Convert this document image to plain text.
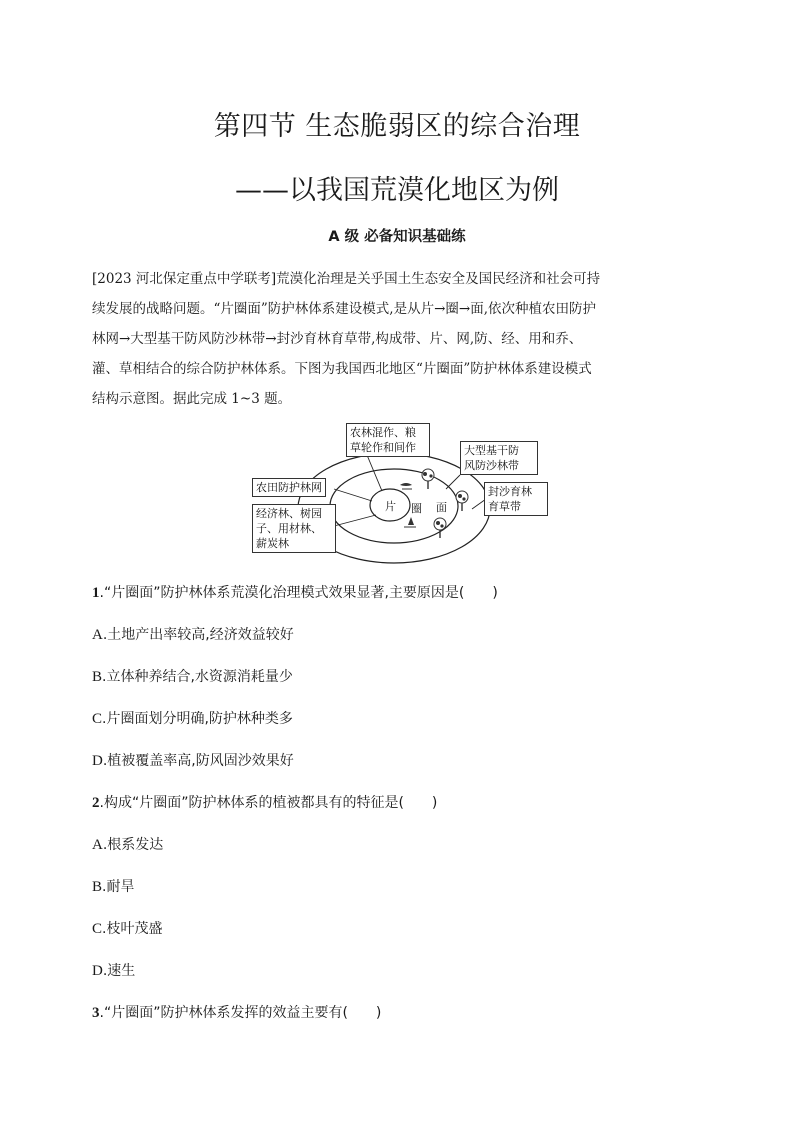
第四节 生态脆弱区的综合治理
——以我国荒漠化地区为例
A 级 必备知识基础练
[2023 河北保定重点中学联考]荒漠化治理是关乎国土生态安全及国民经济和社会可持
续发展的战略问题。“片圈面”防护林体系建设模式,是从片→圈→面,依次种植农田防护
林网→大型基干防风防沙林带→封沙育林育草带,构成带、片、网,防、经、用和乔、
灌、草相结合的综合防护林体系。下图为我国西北地区“片圈面”防护林体系建设模式
结构示意图。据此完成 1~3 题。
农林混作、粮
草轮作和间作
农田防护林网
经济林、树园
子、用材林、
薪炭林
大型基干防
风防沙林带
封沙育林
育草带
片 圈 面
1.“片圈面”防护林体系荒漠化治理模式效果显著,主要原因是(　　)
A.土地产出率较高,经济效益较好
B.立体种养结合,水资源消耗量少
C.片圈面划分明确,防护林种类多
D.植被覆盖率高,防风固沙效果好
2.构成“片圈面”防护林体系的植被都具有的特征是(　　)
A.根系发达
B.耐旱
C.枝叶茂盛
D.速生
3.“片圈面”防护林体系发挥的效益主要有(　　)
